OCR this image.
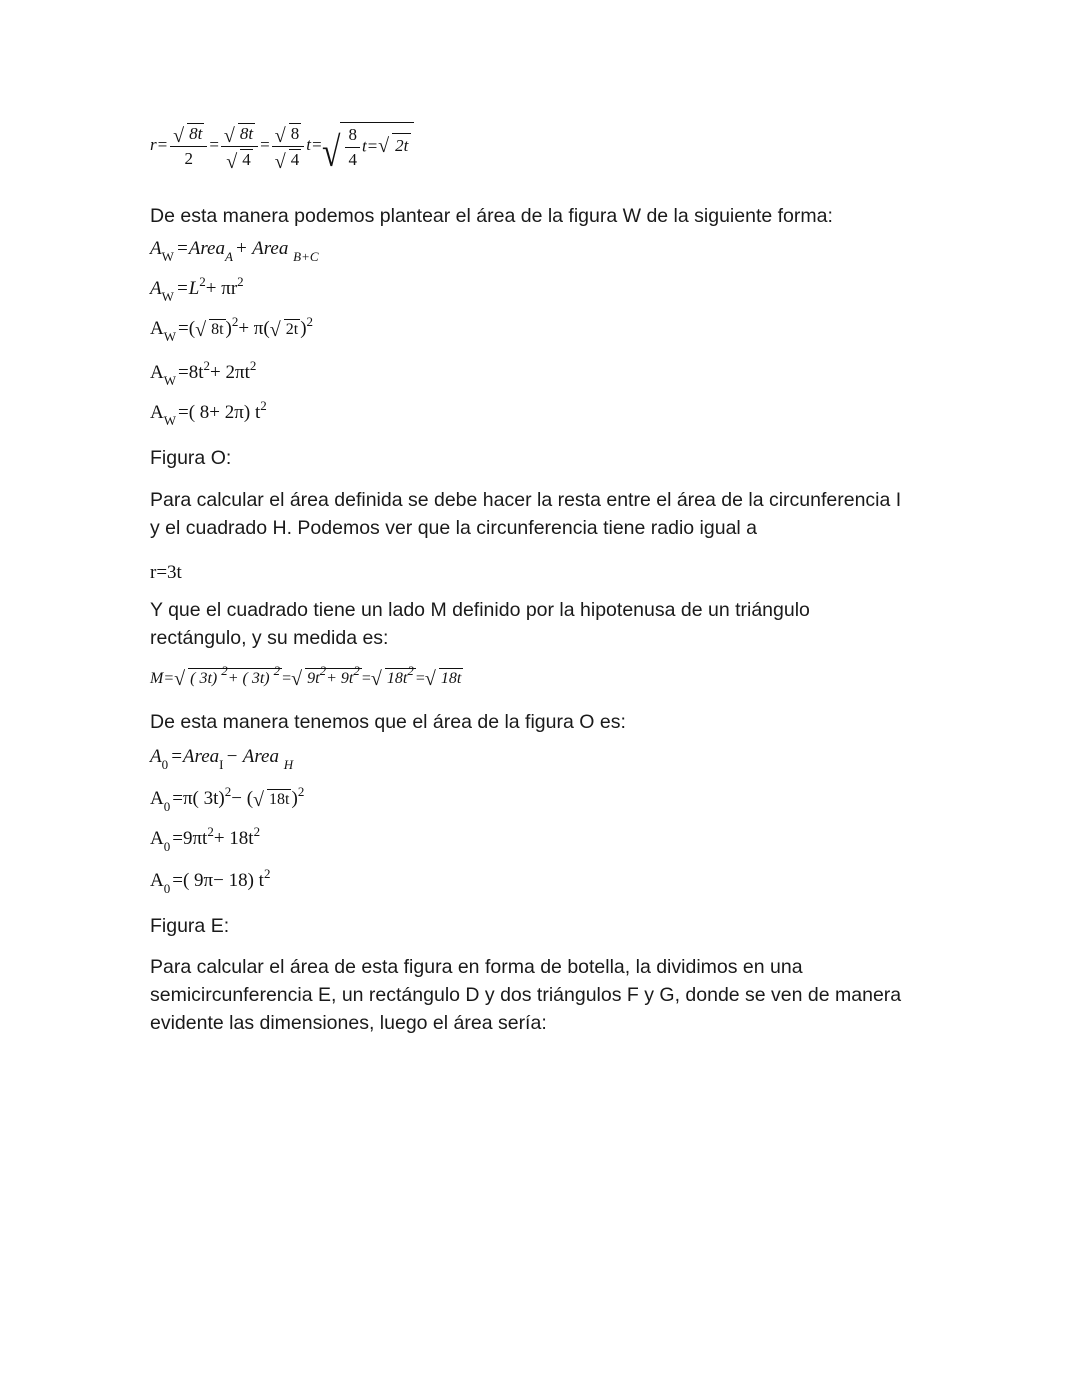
r=
√ $\frac{8t}{2}$ =
√ 8t
√ 4 =
√ 8
√ 4 t=
√ $\frac{8}{4} t=√$ 2t
De esta manera podemos plantear el área de la figura W de la siguiente forma:
$A_W$ =Area$_A$ + Area $_{B+C}$
$A_W =L^2+ \pi r^2$
$A_W$ =(√ 8t )$^2$+ π(√ 2t )$^2$
$A_W =8t^2+ 2\pi t^2$
$A_W$ =( 8+ 2π) $t^2$
Figura O:
Para calcular el área definida se debe hacer la resta entre el área de la circunferencia I
y el cuadrado H. Podemos ver que la circunferencia tiene radio igual a
r=3t
Y que el cuadrado tiene un lado M definido por la hipotenusa de un triángulo
rectángulo, y su medida es:
M=√ ( 3t) $^2$+ ( 3t) $^2$ =√ $9t^2+ 9t^2$ =√ $18t^2$ =√ 18t
De esta manera tenemos que el área de la figura O es:
$A_0$ =Area$_I$ − Area $_H$
$A_0 =\pi$( 3t)$^2$− (√ 18t )$^2$
$A_0 =9\pi t^2+ 18t^2$
$A_0$ =( 9π− 18) $t^2$
Figura E:
Para calcular el área de esta figura en forma de botella, la dividimos en una
semicircunferencia E, un rectángulo D y dos triángulos F y G, donde se ven de manera
evidente las dimensiones, luego el área sería:
